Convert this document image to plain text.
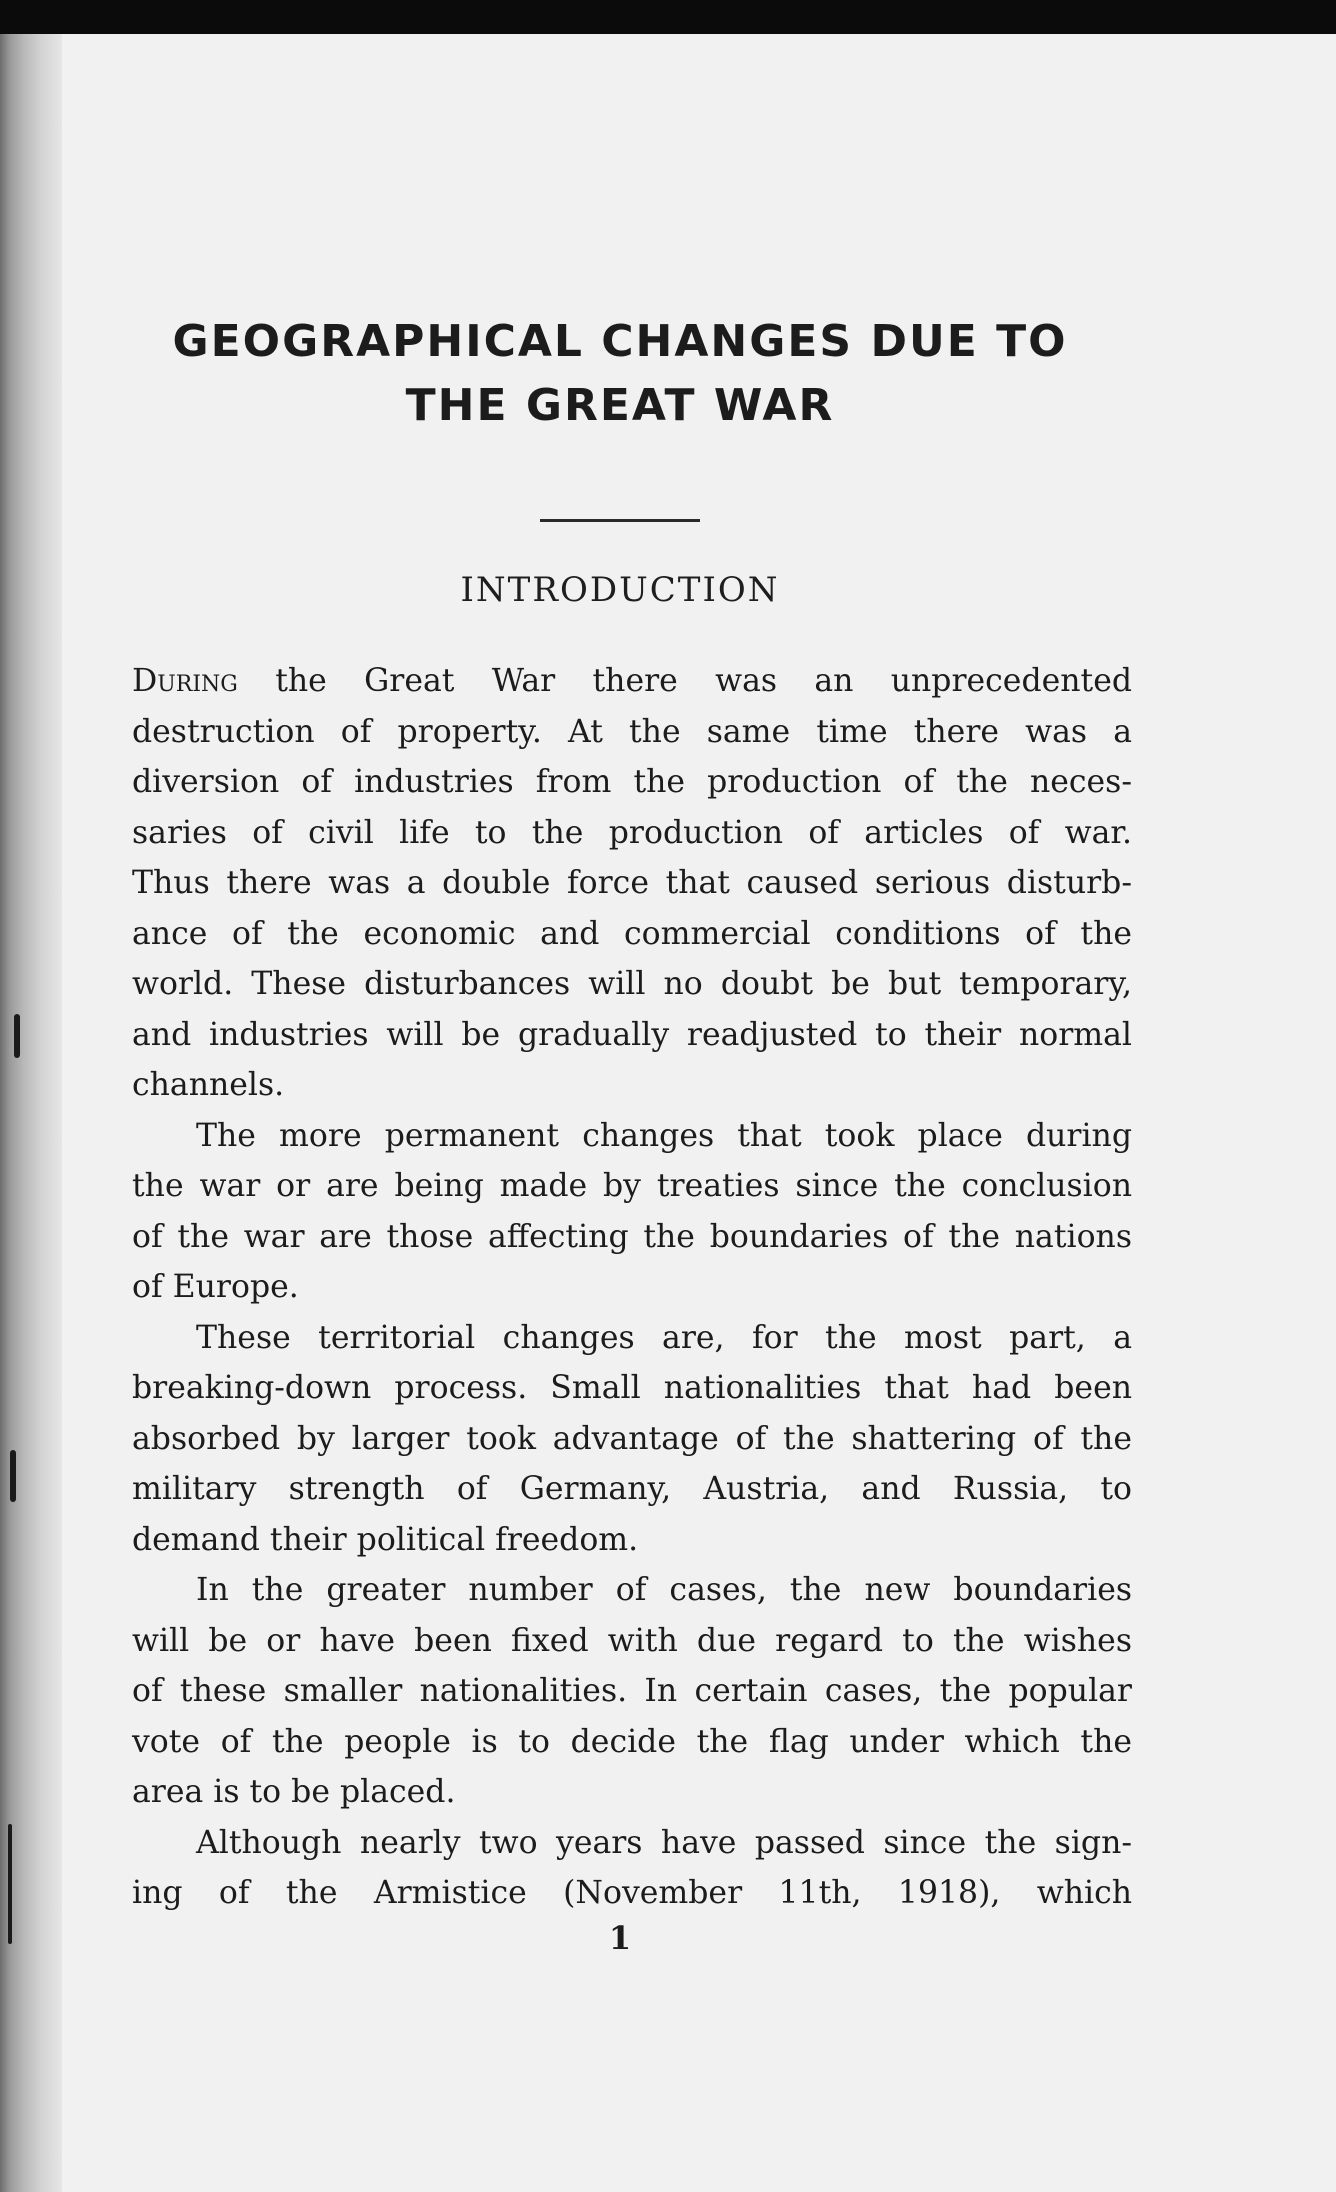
GEOGRAPHICAL CHANGES DUE TO
THE GREAT WAR
INTRODUCTION

During the Great War there was an unprecedented
destruction of property. At the same time there was a
diversion of industries from the production of the neces-
saries of civil life to the production of articles of war.
Thus there was a double force that caused serious disturb-
ance of the economic and commercial conditions of the
world. These disturbances will no doubt be but temporary,
and industries will be gradually readjusted to their normal
channels.

The more permanent changes that took place during
the war or are being made by treaties since the conclusion
of the war are those affecting the boundaries of the nations
of Europe.

These territorial changes are, for the most part, a
breaking-down process. Small nationalities that had been
absorbed by larger took advantage of the shattering of the
military strength of Germany, Austria, and Russia, to
demand their political freedom.

In the greater number of cases, the new boundaries
will be or have been fixed with due regard to the wishes
of these smaller nationalities. In certain cases, the popular
vote of the people is to decide the flag under which the
area is to be placed.

Although nearly two years have passed since the sign-
ing of the Armistice (November 11th, 1918), which

1
